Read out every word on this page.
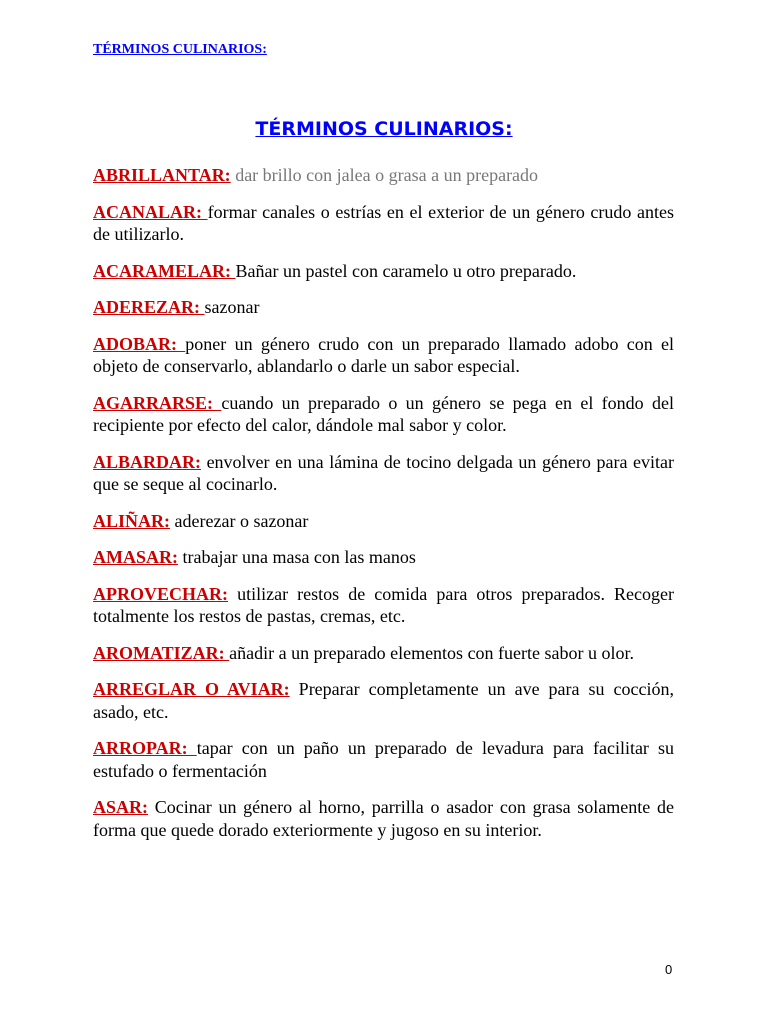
TÉRMINOS CULINARIOS:
TÉRMINOS CULINARIOS:

ABRILLANTAR: dar brillo con jalea o grasa a un preparado

ACANALAR: formar canales o estrías en el exterior de un género crudo antes de utilizarlo.

ACARAMELAR: Bañar un pastel con caramelo u otro preparado.

ADEREZAR: sazonar

ADOBAR: poner un género crudo con un preparado llamado adobo con el objeto de conservarlo, ablandarlo o darle un sabor especial.

AGARRARSE: cuando un preparado o un género se pega en el fondo del recipiente por efecto del calor, dándole mal sabor y color.

ALBARDAR: envolver en una lámina de tocino delgada un género para evitar que se seque al cocinarlo.

ALIÑAR: aderezar o sazonar

AMASAR: trabajar una masa con las manos

APROVECHAR: utilizar restos de comida para otros preparados. Recoger totalmente los restos de pastas, cremas, etc.

AROMATIZAR: añadir a un preparado elementos con fuerte sabor u olor.

ARREGLAR O AVIAR: Preparar completamente un ave para su cocción, asado, etc.

ARROPAR: tapar con un paño un preparado de levadura para facilitar su estufado o fermentación

ASAR: Cocinar un género al horno, parrilla o asador con grasa solamente de forma que quede dorado exteriormente y jugoso en su interior.

0
